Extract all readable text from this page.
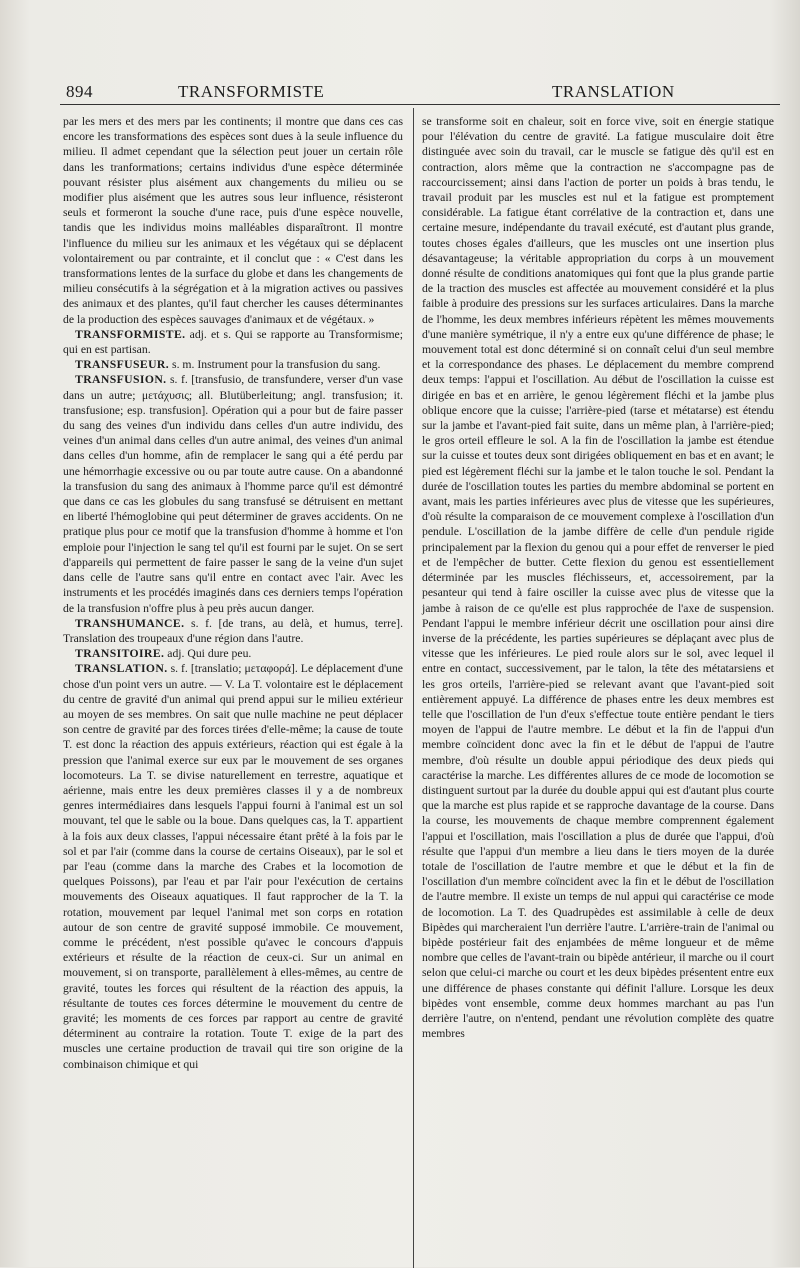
894	TRANSFORMISTE	TRANSLATION

par les mers et des mers par les continents; il montre que dans ces cas encore les transformations des espèces sont dues à la seule influence du milieu. Il admet cependant que la sélection peut jouer un certain rôle dans les tranformations; certains individus d'une espèce déterminée pouvant résister plus aisément aux changements du milieu ou se modifier plus aisément que les autres sous leur influence, résisteront seuls et formeront la souche d'une race, puis d'une espèce nouvelle, tandis que les individus moins malléables disparaîtront. Il montre l'influence du milieu sur les animaux et les végétaux qui se déplacent volontairement ou par contrainte, et il conclut que : « C'est dans les transformations lentes de la surface du globe et dans les changements de milieu consécutifs à la ségrégation et à la migration actives ou passives des animaux et des plantes, qu'il faut chercher les causes déterminantes de la production des espèces sauvages d'animaux et de végétaux. »

TRANSFORMISTE. adj. et s. Qui se rapporte au Transformisme; qui en est partisan.

TRANSFUSEUR. s. m. Instrument pour la transfusion du sang.

TRANSFUSION. s. f. [transfusio, de transfundere, verser d'un vase dans un autre; μετάχυσις; all. Blutüberleitung; angl. transfusion; it. transfusione; esp. transfusion]. Opération qui a pour but de faire passer du sang des veines d'un individu dans celles d'un autre individu, des veines d'un animal dans celles d'un autre animal, des veines d'un animal dans celles d'un homme, afin de remplacer le sang qui a été perdu par une hémorrhagie excessive ou ou par toute autre cause. On a abandonné la transfusion du sang des animaux à l'homme parce qu'il est démontré que dans ce cas les globules du sang transfusé se détruisent en mettant en liberté l'hémoglobine qui peut déterminer de graves accidents. On ne pratique plus pour ce motif que la transfusion d'homme à homme et l'on emploie pour l'injection le sang tel qu'il est fourni par le sujet. On se sert d'appareils qui permettent de faire passer le sang de la veine d'un sujet dans celle de l'autre sans qu'il entre en contact avec l'air. Avec les instruments et les procédés imaginés dans ces derniers temps l'opération de la transfusion n'offre plus à peu près aucun danger.

TRANSHUMANCE. s. f. [de trans, au delà, et humus, terre]. Translation des troupeaux d'une région dans l'autre.

TRANSITOIRE. adj. Qui dure peu.

TRANSLATION. s. f. [translatio; μεταφορά]. Le déplacement d'une chose d'un point vers un autre. — V. La T. volontaire est le déplacement du centre de gravité d'un animal qui prend appui sur le milieu extérieur au moyen de ses membres. On sait que nulle machine ne peut déplacer son centre de gravité par des forces tirées d'elle-même; la cause de toute T. est donc la réaction des appuis extérieurs, réaction qui est égale à la pression que l'animal exerce sur eux par le mouvement de ses organes locomoteurs. La T. se divise naturellement en terrestre, aquatique et aérienne, mais entre les deux premières classes il y a de nombreux genres intermédiaires dans lesquels l'appui fourni à l'animal est un sol mouvant, tel que le sable ou la boue. Dans quelques cas, la T. appartient à la fois aux deux classes, l'appui nécessaire étant prêté à la fois par le sol et par l'air (comme dans la course de certains Oiseaux), par le sol et par l'eau (comme dans la marche des Crabes et la locomotion de quelques Poissons), par l'eau et par l'air pour l'exécution de certains mouvements des Oiseaux aquatiques. Il faut rapprocher de la T. la rotation, mouvement par lequel l'animal met son corps en rotation autour de son centre de gravité supposé immobile. Ce mouvement, comme le précédent, n'est possible qu'avec le concours d'appuis extérieurs et résulte de la réaction de ceux-ci. Sur un animal en mouvement, si on transporte, parallèlement à elles-mêmes, au centre de gravité, toutes les forces qui résultent de la réaction des appuis, la résultante de toutes ces forces détermine le mouvement du centre de gravité; les moments de ces forces par rapport au centre de gravité déterminent au contraire la rotation. Toute T. exige de la part des muscles une certaine production de travail qui tire son origine de la combinaison chimique et qui

se transforme soit en chaleur, soit en force vive, soit en énergie statique pour l'élévation du centre de gravité. La fatigue musculaire doit être distinguée avec soin du travail, car le muscle se fatigue dès qu'il est en contraction, alors même que la contraction ne s'accompagne pas de raccourcissement; ainsi dans l'action de porter un poids à bras tendu, le travail produit par les muscles est nul et la fatigue est promptement considérable. La fatigue étant corrélative de la contraction et, dans une certaine mesure, indépendante du travail exécuté, est d'autant plus grande, toutes choses égales d'ailleurs, que les muscles ont une insertion plus désavantageuse; la véritable appropriation du corps à un mouvement donné résulte de conditions anatomiques qui font que la plus grande partie de la traction des muscles est affectée au mouvement considéré et la plus faible à produire des pressions sur les surfaces articulaires. Dans la marche de l'homme, les deux membres inférieurs répètent les mêmes mouvements d'une manière symétrique, il n'y a entre eux qu'une différence de phase; le mouvement total est donc déterminé si on connaît celui d'un seul membre et la correspondance des phases. Le déplacement du membre comprend deux temps: l'appui et l'oscillation. Au début de l'oscillation la cuisse est dirigée en bas et en arrière, le genou légèrement fléchi et la jambe plus oblique encore que la cuisse; l'arrière-pied (tarse et métatarse) est étendu sur la jambe et l'avant-pied fait suite, dans un même plan, à l'arrière-pied; le gros orteil effleure le sol. A la fin de l'oscillation la jambe est étendue sur la cuisse et toutes deux sont dirigées obliquement en bas et en avant; le pied est légèrement fléchi sur la jambe et le talon touche le sol. Pendant la durée de l'oscillation toutes les parties du membre abdominal se portent en avant, mais les parties inférieures avec plus de vitesse que les supérieures, d'où résulte la comparaison de ce mouvement complexe à l'oscillation d'un pendule. L'oscillation de la jambe diffère de celle d'un pendule rigide principalement par la flexion du genou qui a pour effet de renverser le pied et de l'empêcher de butter. Cette flexion du genou est essentiellement déterminée par les muscles fléchisseurs, et, accessoirement, par la pesanteur qui tend à faire osciller la cuisse avec plus de vitesse que la jambe à raison de ce qu'elle est plus rapprochée de l'axe de suspension. Pendant l'appui le membre inférieur décrit une oscillation pour ainsi dire inverse de la précédente, les parties supérieures se déplaçant avec plus de vitesse que les inférieures. Le pied roule alors sur le sol, avec lequel il entre en contact, successivement, par le talon, la tête des métatarsiens et les gros orteils, l'arrière-pied se relevant avant que l'avant-pied soit entièrement appuyé. La différence de phases entre les deux membres est telle que l'oscillation de l'un d'eux s'effectue toute entière pendant le tiers moyen de l'appui de l'autre membre. Le début et la fin de l'appui d'un membre coïncident donc avec la fin et le début de l'appui de l'autre membre, d'où résulte un double appui périodique des deux pieds qui caractérise la marche. Les différentes allures de ce mode de locomotion se distinguent surtout par la durée du double appui qui est d'autant plus courte que la marche est plus rapide et se rapproche davantage de la course. Dans la course, les mouvements de chaque membre comprennent également l'appui et l'oscillation, mais l'oscillation a plus de durée que l'appui, d'où résulte que l'appui d'un membre a lieu dans le tiers moyen de la durée totale de l'oscillation de l'autre membre et que le début et la fin de l'oscillation d'un membre coïncident avec la fin et le début de l'oscillation de l'autre membre. Il existe un temps de nul appui qui caractérise ce mode de locomotion. La T. des Quadrupèdes est assimilable à celle de deux Bipèdes qui marcheraient l'un derrière l'autre. L'arrière-train de l'animal ou bipède postérieur fait des enjambées de même longueur et de même nombre que celles de l'avant-train ou bipède antérieur, il marche ou il court selon que celui-ci marche ou court et les deux bipèdes présentent entre eux une différence de phases constante qui définit l'allure. Lorsque les deux bipèdes vont ensemble, comme deux hommes marchant au pas l'un derrière l'autre, on n'entend, pendant une révolution complète des quatre membres
